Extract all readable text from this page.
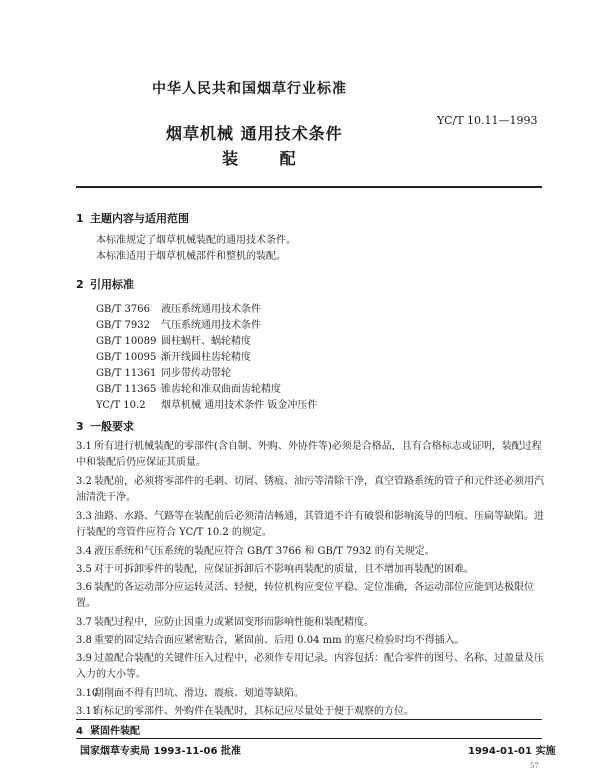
中华人民共和国烟草行业标准
YC/T 10.11—1993
烟草机械 通用技术条件
装 配
1 主题内容与适用范围
本标准规定了烟草机械装配的通用技术条件。
本标准适用于烟草机械部件和整机的装配。
2 引用标准
GB/T 3766 液压系统通用技术条件
GB/T 7932 气压系统通用技术条件
GB/T 10089 圆柱蜗杆、蜗轮精度
GB/T 10095 渐开线圆柱齿轮精度
GB/T 11361 同步带传动带轮
GB/T 11365 锥齿轮和准双曲面齿轮精度
YC/T 10.2 烟草机械 通用技术条件 钣金冲压件
3 一般要求
3.1 所有进行机械装配的零部件(含自制、外购、外协件等)必须是合格品，且有合格标志或证明，装配过程中和装配后仍应保证其质量。
3.2 装配前，必须将零部件的毛刺、切屑、锈痕、油污等清除干净，真空管路系统的管子和元件还必须用汽油清洗干净。
3.3 油路、水路、气路等在装配前后必须清洁畅通，其管道不许有破裂和影响流导的凹痕、压扁等缺陷。进行装配的弯管件应符合 YC/T 10.2 的规定。
3.4 液压系统和气压系统的装配应符合 GB/T 3766 和 GB/T 7932 的有关规定。
3.5 对于可拆卸零件的装配，应保证拆卸后不影响再装配的质量，且不增加再装配的困难。
3.6 装配的各运动部分应运转灵活、轻便，转位机构应变位平稳、定位准确，各运动部位应能到达极限位置。
3.7 装配过程中，应防止因重力或紧固变形而影响性能和装配精度。
3.8 重要的固定结合面应紧密贴合，紧固前、后用 0.04 mm 的塞尺检验时均不得插入。
3.9 过盈配合装配的关键件压入过程中，必须作专用记录。内容包括：配合零件的图号、名称、过盈量及压入力的大小等。
3.10刮削面不得有凹坑、滑边、震痕、划道等缺陷。
3.11有标记的零部件、外购件在装配时，其标记应尽量处于便于观察的方位。
4 紧固件装配
国家烟草专卖局 1993-11-06 批准	1994-01-01 实施
57
